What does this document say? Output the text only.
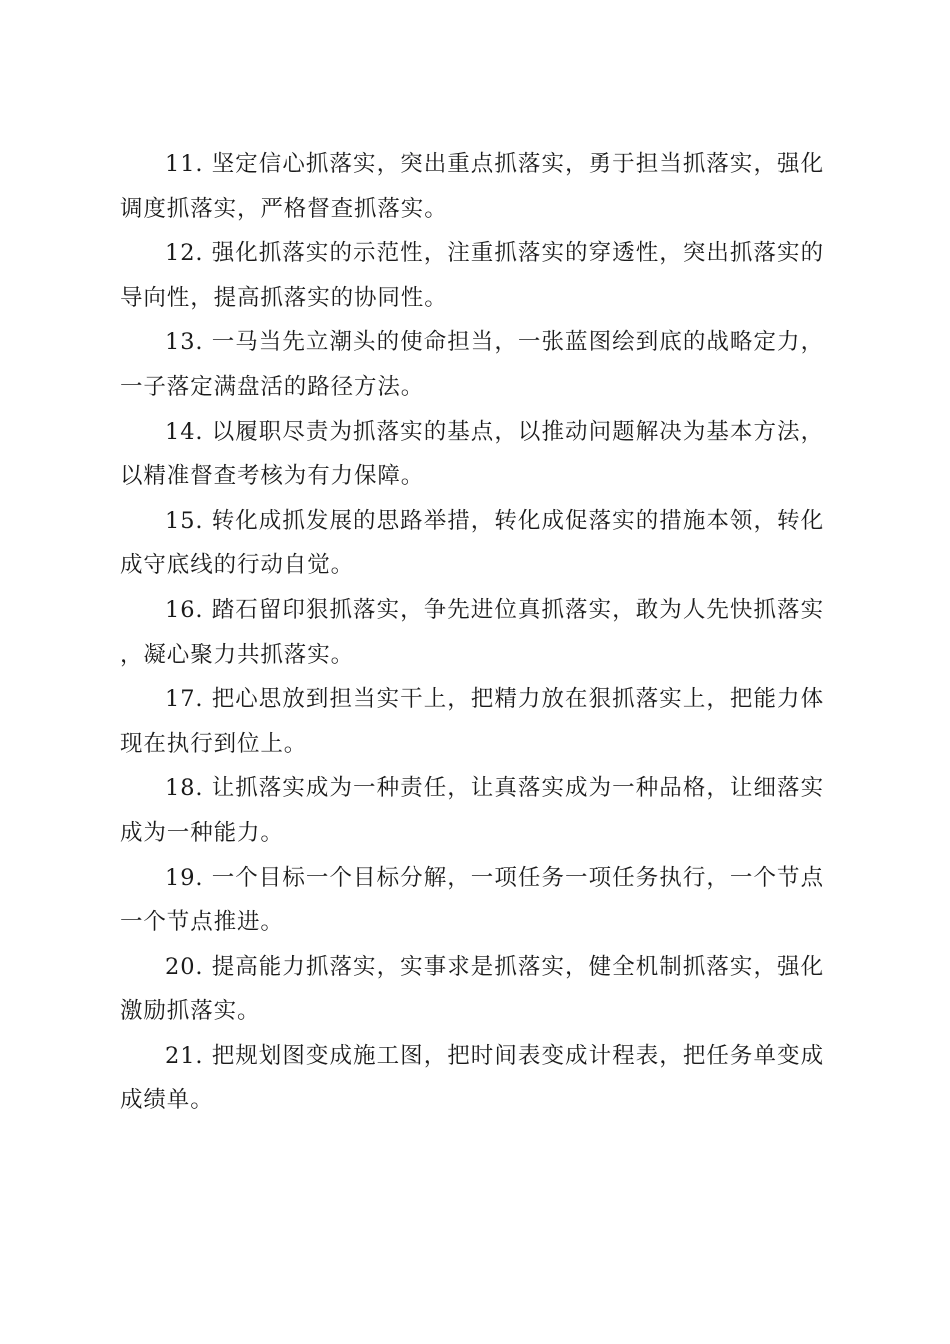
11. 坚定信心抓落实，突出重点抓落实，勇于担当抓落实，强化调度抓落实，严格督查抓落实。

12. 强化抓落实的示范性，注重抓落实的穿透性，突出抓落实的导向性，提高抓落实的协同性。

13. 一马当先立潮头的使命担当，一张蓝图绘到底的战略定力，一子落定满盘活的路径方法。

14. 以履职尽责为抓落实的基点，以推动问题解决为基本方法，以精准督查考核为有力保障。

15. 转化成抓发展的思路举措，转化成促落实的措施本领，转化成守底线的行动自觉。

16. 踏石留印狠抓落实，争先进位真抓落实，敢为人先快抓落实，凝心聚力共抓落实。

17. 把心思放到担当实干上，把精力放在狠抓落实上，把能力体现在执行到位上。

18. 让抓落实成为一种责任，让真落实成为一种品格，让细落实成为一种能力。

19. 一个目标一个目标分解，一项任务一项任务执行，一个节点一个节点推进。

20. 提高能力抓落实，实事求是抓落实，健全机制抓落实，强化激励抓落实。

21. 把规划图变成施工图，把时间表变成计程表，把任务单变成成绩单。
